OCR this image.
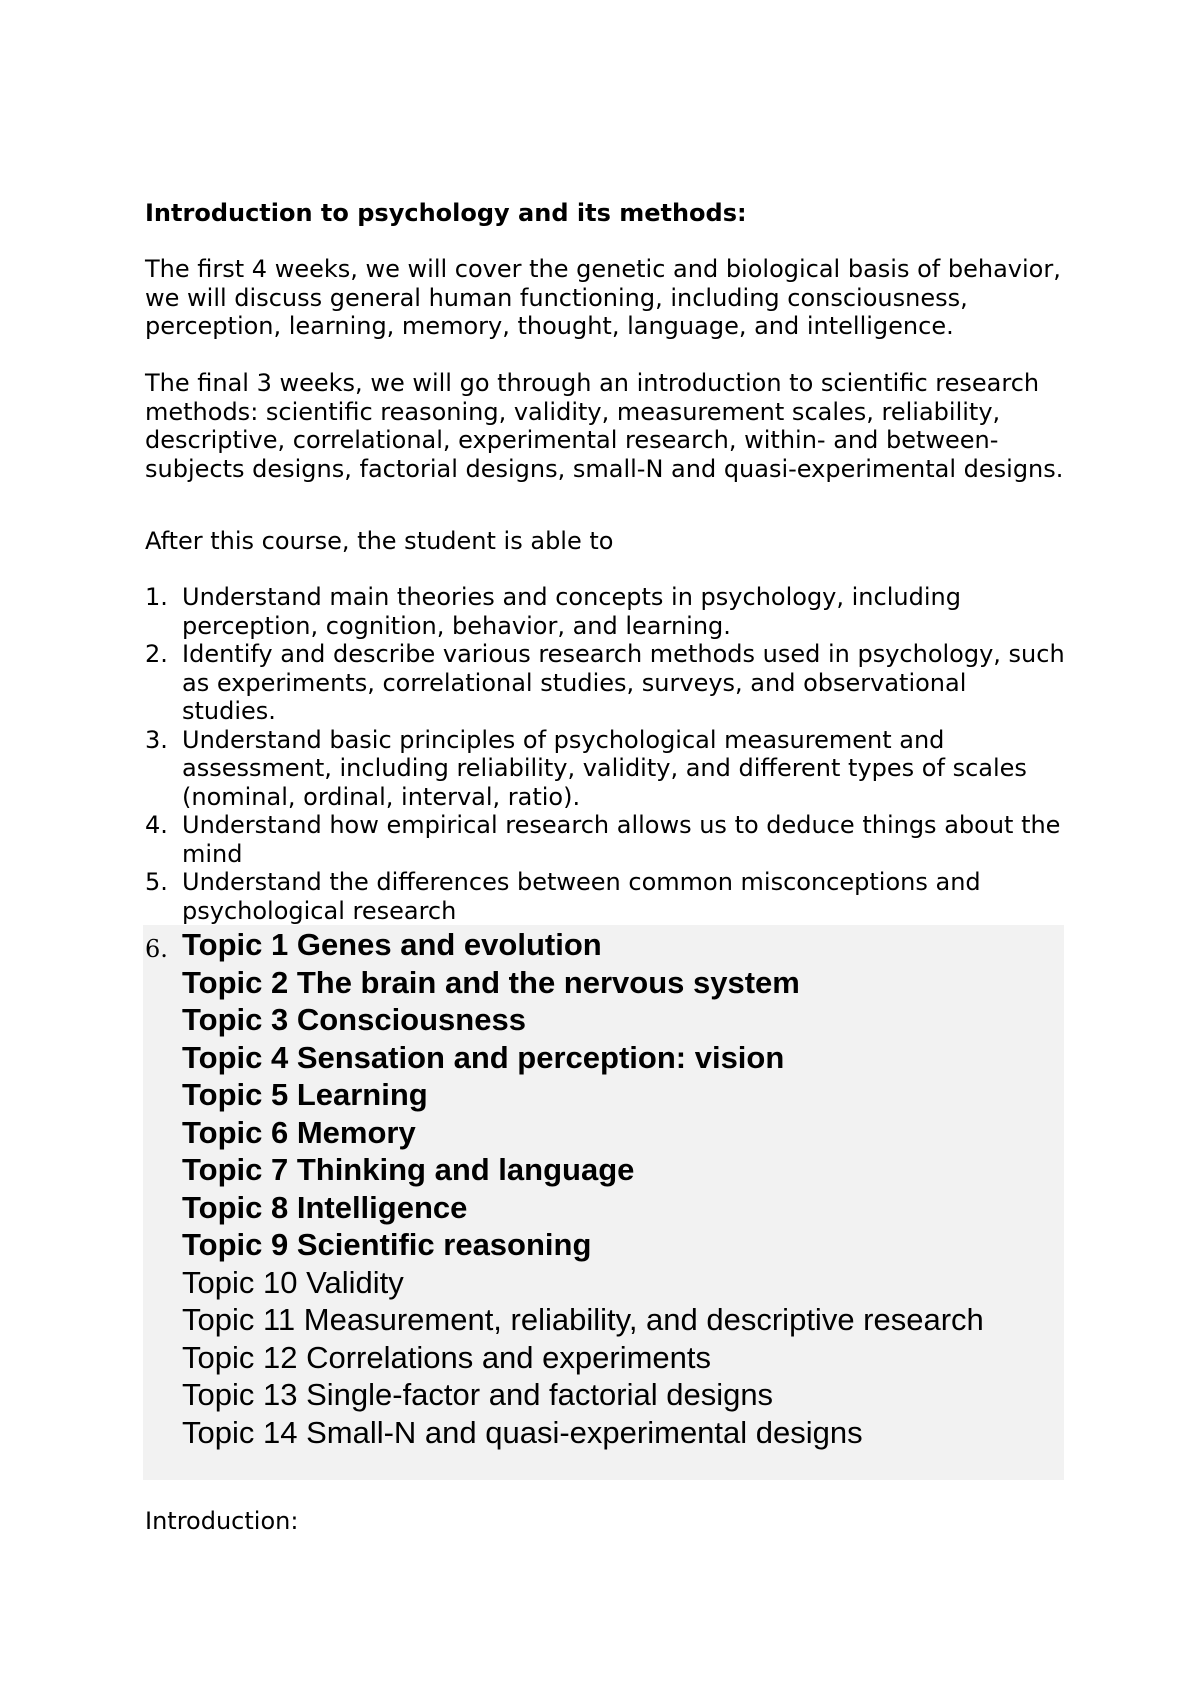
Introduction to psychology and its methods:

The first 4 weeks, we will cover the genetic and biological basis of behavior, we will discuss general human functioning, including consciousness, perception, learning, memory, thought, language, and intelligence.

The final 3 weeks, we will go through an introduction to scientific research methods: scientific reasoning, validity, measurement scales, reliability, descriptive, correlational, experimental research, within- and between-subjects designs, factorial designs, small-N and quasi-experimental designs.

After this course, the student is able to

1. Understand main theories and concepts in psychology, including perception, cognition, behavior, and learning.
2. Identify and describe various research methods used in psychology, such as experiments, correlational studies, surveys, and observational studies.
3. Understand basic principles of psychological measurement and assessment, including reliability, validity, and different types of scales (nominal, ordinal, interval, ratio).
4. Understand how empirical research allows us to deduce things about the mind
5. Understand the differences between common misconceptions and psychological research
6. Topic 1 Genes and evolution
Topic 2 The brain and the nervous system
Topic 3 Consciousness
Topic 4 Sensation and perception: vision
Topic 5 Learning
Topic 6 Memory
Topic 7 Thinking and language
Topic 8 Intelligence
Topic 9 Scientific reasoning
Topic 10 Validity
Topic 11 Measurement, reliability, and descriptive research
Topic 12 Correlations and experiments
Topic 13 Single-factor and factorial designs
Topic 14 Small-N and quasi-experimental designs

Introduction:
